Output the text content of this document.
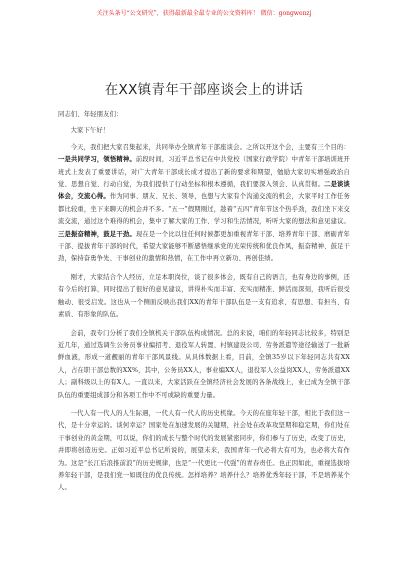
关注头条号“公文研究”，获得最新最全最专业的公文资料库！ 微信：gongwenzj
在XX镇青年干部座谈会上的讲话

同志们、年轻朋友们：

大家下午好！

今天，我们把大家召集起来，共同举办全镇青年干部座谈会。之所以开这个会，主要有三个目的：一是共同学习，领悟精神。前段时间，习近平总书记在中共党校（国家行政学院）中青年干部培训班开班式上发表了重要讲话，对广大青年干部成长成才提出了新的要求和期望，勉励大家切实增强政治自觉、思想自觉、行动自觉，为我们提供了行动坐标和根本遵循，我们要深入领会、认真贯彻。二是谈谈体会，交流心得。作为同事、朋友、兄长、领导，也想与大家有个沟通交流的机会，大家平时工作任务都比较重，坐下来聊天的机会并不多。“五一”假期刚过，趁着“五四”青年节这个热乎劲，我们坐下来交流交流，通过这个难得的机会，集中了解大家的工作、学习和生活情况，听听大家的想法和意见建议。三是振奋精神，鼓足干劲。现在是一个比以往任何时候都更加重视青年干部、培养青年干部、磨砺青年干部、提拔青年干部的时代，希望大家能够不断感悟继承党的光荣传统和优良作风，振奋精神、鼓足干劲，保持奋勇争先、干事创业的激情和热情，在工作中再立新功、再创佳绩。

刚才，大家结合个人经历，立足本职岗位，谈了很多体会，既有自己的语言，也有身边的事例，还有今后的打算，同时提出了很好的意见建议，讲得朴实而丰富、充实而精准、鲜活而深刻，我听后很受触动、很受启发。这也从一个侧面反映出我们XX的青年干部队伍是一支有追求、有思想、有担当、有素质、有形象的队伍。

会前，我专门分析了我们全镇机关干部队伍构成情况。总的来说，咱们的年轻同志比较多，特别是近几年，通过选调生公务员事业编招考、退役军人转置、村镇建设公司、劳务派遣等途径输送了一批新鲜血液，形成一道靓丽的青年干部风景线。从具体数据上看，目前，全镇35岁以下年轻同志共有XX人，占在职干部总数的XX%，其中，公务员XX人，事业编XX人，退役军人公益岗XX人，劳务派遣XX人；副科级以上的有X人。一直以来，大家活跃在全镇经济社会发展的各条战线上，业已成为全镇干部队伍的重要组成部分和各项工作中不可或缺的重要力量。

一代人有一代人的人生际遇，一代人有一代人的历史机缘。今天的在座年轻干部，相比于我们这一代，是十分幸运的。谈何幸运？国家处在加速发展的关键期，社会处在改革攻坚期和稳定期，你们处在干事创业的黄金期，可以说，你们的成长与整个时代的发展紧密同步，你们参与了历史，改变了历史，并即将创造历史。正如习近平总书记所说的，展望未来，我国青年一代必将大有可为，也必将大有作为。这是“长江后浪推前浪”的历史规律，也是“一代更比一代强”的青春责任。也正因如此，重视选拔培养年轻干部，是我们党一如既往的优良传统。怎样培养？培养什么？培养优秀年轻干部，不是培养某个人。
